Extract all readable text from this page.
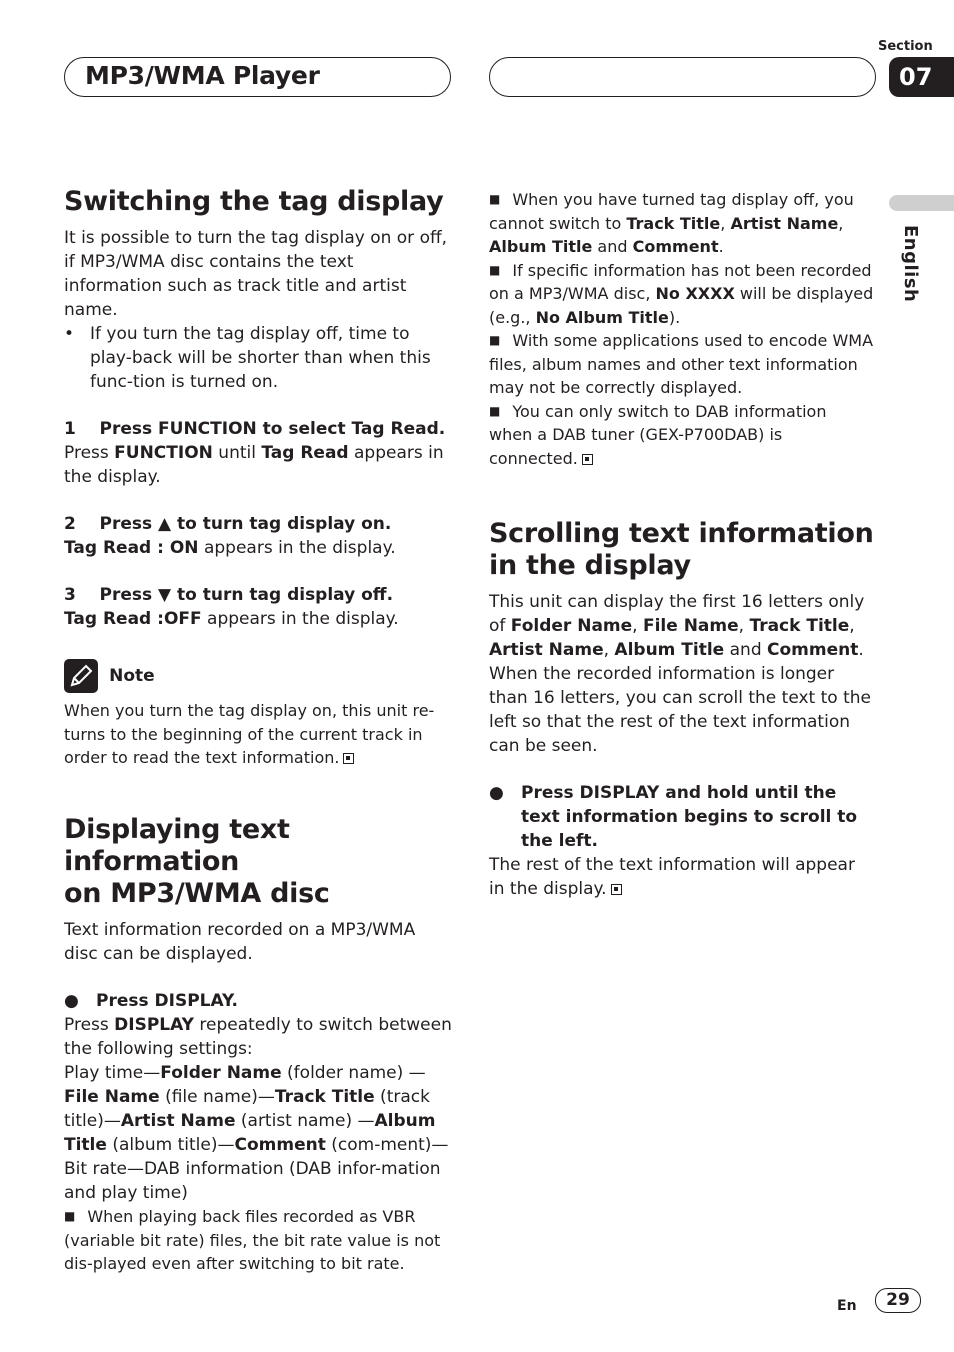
MP3/WMA Player
Section
07
English
Switching the tag display

It is possible to turn the tag display on or off, if MP3/WMA disc contains the text information such as track title and artist name.

• If you turn the tag display off, time to play-back will be shorter than when this func-tion is turned on.

1    Press FUNCTION to select Tag Read.

Press FUNCTION until Tag Read appears in the display.

2    Press ▲ to turn tag display on.

Tag Read : ON appears in the display.

3    Press ▼ to turn tag display off.

Tag Read :OFF appears in the display.

Note

When you turn the tag display on, this unit re-turns to the beginning of the current track in order to read the text information.

Displaying text information
on MP3/WMA disc

Text information recorded on a MP3/WMA disc can be displayed.

●	Press DISPLAY.

Press DISPLAY repeatedly to switch between the following settings:
Play time—Folder Name (folder name) —File Name (file name)—Track Title (track title)—Artist Name (artist name) —Album Title (album title)—Comment (com-ment)—Bit rate—DAB information (DAB infor-mation and play time)

■ When playing back files recorded as VBR (variable bit rate) files, the bit rate value is not dis-played even after switching to bit rate.

■ When you have turned tag display off, you cannot switch to Track Title, Artist Name, Album Title and Comment.

■ If specific information has not been recorded on a MP3/WMA disc, No XXXX will be displayed (e.g., No Album Title).

■ With some applications used to encode WMA files, album names and other text information may not be correctly displayed.

■ You can only switch to DAB information when a DAB tuner (GEX-P700DAB) is connected.

Scrolling text information
in the display

This unit can display the first 16 letters only of Folder Name, File Name, Track Title, Artist Name, Album Title and Comment.
When the recorded information is longer than 16 letters, you can scroll the text to the left so that the rest of the text information can be seen.

●	Press DISPLAY and hold until the text information begins to scroll to the left.

The rest of the text information will appear in the display.

En	29
